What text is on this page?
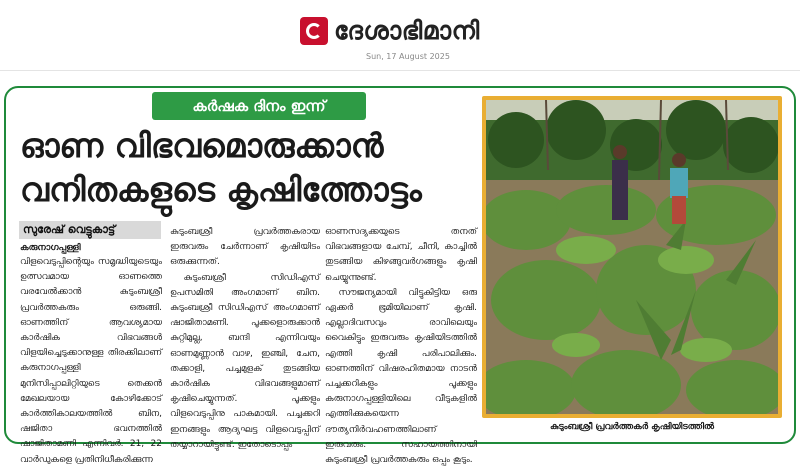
ദേശാഭിമാനി
Sun, 17 August 2025
കർഷക ദിനം ഇന്ന്
ഓണ വിഭവമൊരുക്കാൻ
വനിതകളുടെ കൃഷിത്തോട്ടം
സുരേഷ് വെട്ടുകാട്ട്
കരുനാഗപ്പള്ളി

വിളവെടുപ്പിന്റെയും സമൃദ്ധിയുടെയും ഉത്സവമായ ഓണത്തെ വരവേൽക്കാൻ കുടുംബശ്രീ പ്രവർത്തകരും ഒരുങ്ങി. ഓണത്തിന് ആവശ്യമായ കാർഷിക വിഭവങ്ങൾ വിളയിച്ചെടുക്കാനുള്ള തിരക്കിലാണ് കരുനാഗപ്പള്ളി മുനിസിപ്പാലിറ്റിയുടെ തെക്കൻ മേഖലയായ കോഴിക്കോട് കാർത്തികാലയത്തിൽ ബിന, ഷജിതാ ഭവനത്തിൽ ഷാജിതാമണി എന്നിവർ. 21, 22 വാർഡുകളെ പ്രതിനിധീകരിക്കുന്ന

കുടുംബശ്രീ പ്രവർത്തകരായ ഇരുവരും ചേർന്നാണ് കൃഷിയിടം ഒരുക്കുന്നത്.

കുടുംബശ്രീ സിഡിഎസ് ഉപസമിതി അംഗമാണ് ബിന. കുടുംബശ്രീ സിഡിഎസ് അംഗമാണ് ഷാജിതാമണി. പൂക്കളൊരുക്കാൻ കുറ്റിമുല്ല, ബന്ദി എന്നിവയും ഓണമുണ്ണാൻ വാഴ, ഇഞ്ചി, ചേന, തക്കാളി, പച്ചമുളക് തുടങ്ങിയ കാർഷിക വിഭവങ്ങളുമാണ് കൃഷിചെയ്യുന്നത്. പൂക്കളും വിളവെടുപ്പിനു പാകമായി. പച്ചക്കറി ഇനങ്ങളും ആദ്യഘട്ട വിളവെടുപ്പിന് തയ്യാറായിട്ടുണ്ട്. ഇതോടൊപ്പം

ഓണസദ്യക്കയുടെ തനത് വിഭവങ്ങളായ ചേമ്പ്, ചീനി, കാച്ചിൽ തുടങ്ങിയ കിഴങ്ങുവർഗങ്ങളും കൃഷി ചെയ്യുന്നുണ്ട്.

സൗജന്യമായി വിട്ടുകിട്ടിയ ഒരു ഏക്കർ ഭൂമിയിലാണ് കൃഷി. എല്ലാദിവസവും രാവിലെയും വൈകിട്ടും ഇരുവരും കൃഷിയിടത്തിൽ എത്തി കൃഷി പരിപാലിക്കും. ഓണത്തിന് വിഷരഹിതമായ നാടൻ പച്ചക്കറികളും പൂക്കളും കരുനാഗപ്പള്ളിയിലെ വീടുകളിൽ എത്തിക്കുകയെന്ന ദൗത്യനിർവഹണത്തിലാണ് ഇരുവരും. സഹായത്തിനായി കുടുംബശ്രീ പ്രവർത്തകരും ഒപ്പം കൂടും.

കുടുംബശ്രീ പ്രവർത്തകർ കൃഷിയിടത്തിൽ
